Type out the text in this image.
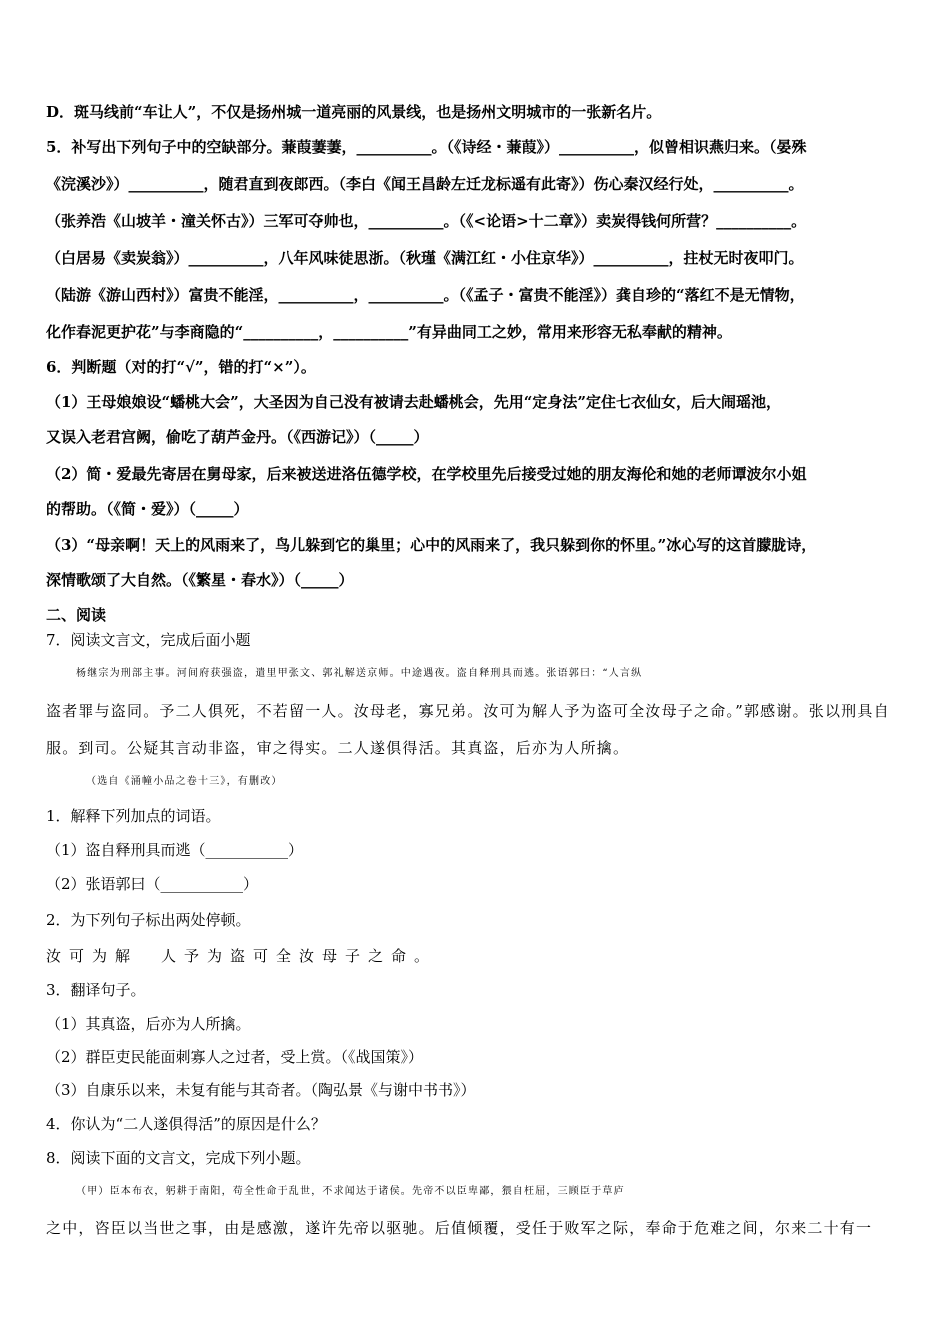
D．斑马线前“车让人”，不仅是扬州城一道亮丽的风景线，也是扬州文明城市的一张新名片。
5．补写出下列句子中的空缺部分。蒹葭萋萋，__________。（《诗经・蒹葭》）__________，似曾相识燕归来。（晏殊
《浣溪沙》）__________，随君直到夜郎西。（李白《闻王昌龄左迁龙标遥有此寄》）伤心秦汉经行处，__________。
（张养浩《山坡羊・潼关怀古》）三军可夺帅也，__________。（《<论语>十二章》）卖炭得钱何所营？__________。
（白居易《卖炭翁》）__________，八年风味徒思浙。（秋瑾《满江红・小住京华》）__________，拄杖无时夜叩门。
（陆游《游山西村》）富贵不能淫，__________，__________。（《孟子・富贵不能淫》）龚自珍的“落红不是无情物，
化作春泥更护花”与李商隐的“__________，__________”有异曲同工之妙，常用来形容无私奉献的精神。
6．判断题（对的打“√”，错的打“×”）。
（1）王母娘娘设“蟠桃大会”，大圣因为自己没有被请去赴蟠桃会，先用“定身法”定住七衣仙女，后大闹瑶池，
又误入老君宫阙，偷吃了葫芦金丹。（《西游记》）（_____）
（2）简・爱最先寄居在舅母家，后来被送进洛伍德学校，在学校里先后接受过她的朋友海伦和她的老师谭波尔小姐
的帮助。（《简・爱》）（_____）
（3）“母亲啊！天上的风雨来了，鸟儿躲到它的巢里；心中的风雨来了，我只躲到你的怀里。”冰心写的这首朦胧诗，
深情歌颂了大自然。（《繁星・春水》）（_____）
二、阅读
7．阅读文言文，完成后面小题
杨继宗为刑部主事。河间府获强盗，遣里甲张文、郭礼解送京师。中途遇夜。盗自释刑具而逃。张语郭曰：“人言纵
盗者罪与盗同。予二人俱死，不若留一人。汝母老，寡兄弟。汝可为解人予为盗可全汝母子之命。”郭感谢。张以刑具自
服。到司。公疑其言动非盗，审之得实。二人遂俱得活。其真盗，后亦为人所擒。
（选自《涌幢小品之卷十三》，有删改）
1．解释下列加点的词语。
（1）盗自释刑具而逃（___________）
（2）张语郭曰（___________）
2．为下列句子标出两处停顿。
汝可为解　人予为盗可全汝母子之命。
3．翻译句子。
（1）其真盗，后亦为人所擒。
（2）群臣吏民能面刺寡人之过者，受上赏。（《战国策》）
（3）自康乐以来，未复有能与其奇者。（陶弘景《与谢中书书》）
4．你认为“二人遂俱得活”的原因是什么？
8．阅读下面的文言文，完成下列小题。
（甲）臣本布衣，躬耕于南阳，苟全性命于乱世，不求闻达于诸侯。先帝不以臣卑鄙，猥自枉屈，三顾臣于草庐
之中，咨臣以当世之事，由是感激，遂许先帝以驱驰。后值倾覆，受任于败军之际，奉命于危难之间，尔来二十有一
